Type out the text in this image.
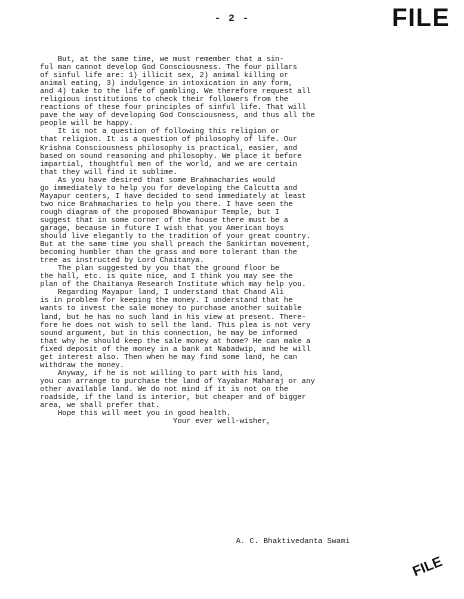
- 2 -	FILE
But, at the same time, we must remember that a sin-
ful man cannot develop God Consciousness. The four pillars
of sinful life are: 1) illicit sex, 2) animal killing or
animal eating, 3) indulgence in intoxication in any form,
and 4) take to the life of gambling. We therefore request all
religious institutions to check their followers from the
reactions of these four principles of sinful life. That will
pave the way of developing God Consciousness, and thus all the
people will be happy.
It is not a question of following this religion or
that religion. It is a question of philosophy of life. Our
Krishna Consciousness philosophy is practical, easier, and
based on sound reasoning and philosophy. We place it before
impartial, thoughtful men of the world, and we are certain
that they will find it sublime.
As you have desired that some Brahmacharies would
go immediately to help you for developing the Calcutta and
Mayapur centers, I have decided to send immediately at least
two nice Brahmacharies to help you there. I have seen the
rough diagram of the proposed Bhowanipur Temple, but I
suggest that in some corner of the house there must be a
garage, because in future I wish that you American boys
should live elegantly to the tradition of your great country.
But at the same time you shall preach the Sankirtan movement,
becoming humbler than the grass and more tolerant than the
tree as instructed by Lord Chaitanya.
The plan suggested by you that the ground floor be
the hall, etc. is quite nice, and I think you may see the
plan of the Chaitanya Research Institute which may help you.
Regarding Mayapur land, I understand that Chand Ali
is in problem for keeping the money. I understand that he
wants to invest the sale money to purchase another suitable
land, but he has no such land in his view at present. There-
fore he does not wish to sell the land. This plea is not very
sound argument, but in this connection, he may be informed
that why he should keep the sale money at home? He can make a
fixed deposit of the money in a bank at Nabadwip, and he will
get interest also. Then when he may find some land, he can
withdraw the money.
Anyway, if he is not willing to part with his land,
you can arrange to purchase the land of Yayabar Maharaj or any
other available land. We do not mind if it is not on the
roadside, if the land is interior, but cheaper and of bigger
area, we shall prefer that.
Hope this will meet you in good health.
Your ever well-wisher,
A. C. Bhaktivedanta Swami
FILE
